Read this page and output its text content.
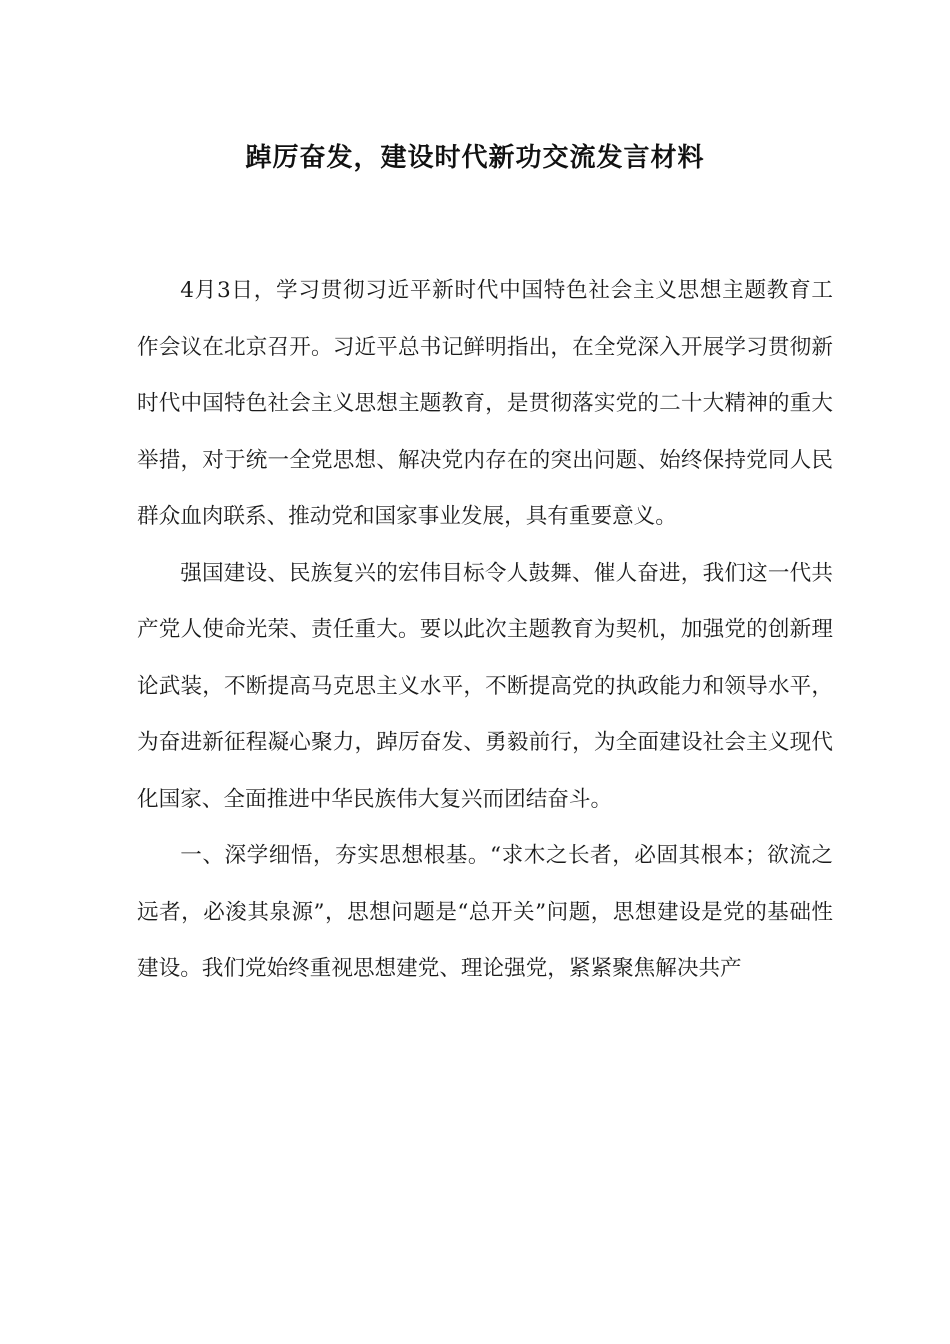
踔厉奋发，建设时代新功交流发言材料

4月3日，学习贯彻习近平新时代中国特色社会主义思想主题教育工作会议在北京召开。习近平总书记鲜明指出，在全党深入开展学习贯彻新时代中国特色社会主义思想主题教育，是贯彻落实党的二十大精神的重大举措，对于统一全党思想、解决党内存在的突出问题、始终保持党同人民群众血肉联系、推动党和国家事业发展，具有重要意义。

强国建设、民族复兴的宏伟目标令人鼓舞、催人奋进，我们这一代共产党人使命光荣、责任重大。要以此次主题教育为契机，加强党的创新理论武装，不断提高马克思主义水平，不断提高党的执政能力和领导水平，为奋进新征程凝心聚力，踔厉奋发、勇毅前行，为全面建设社会主义现代化国家、全面推进中华民族伟大复兴而团结奋斗。

一、深学细悟，夯实思想根基。“求木之长者，必固其根本；欲流之远者，必浚其泉源”，思想问题是“总开关”问题，思想建设是党的基础性建设。我们党始终重视思想建党、理论强党，紧紧聚焦解决共产
